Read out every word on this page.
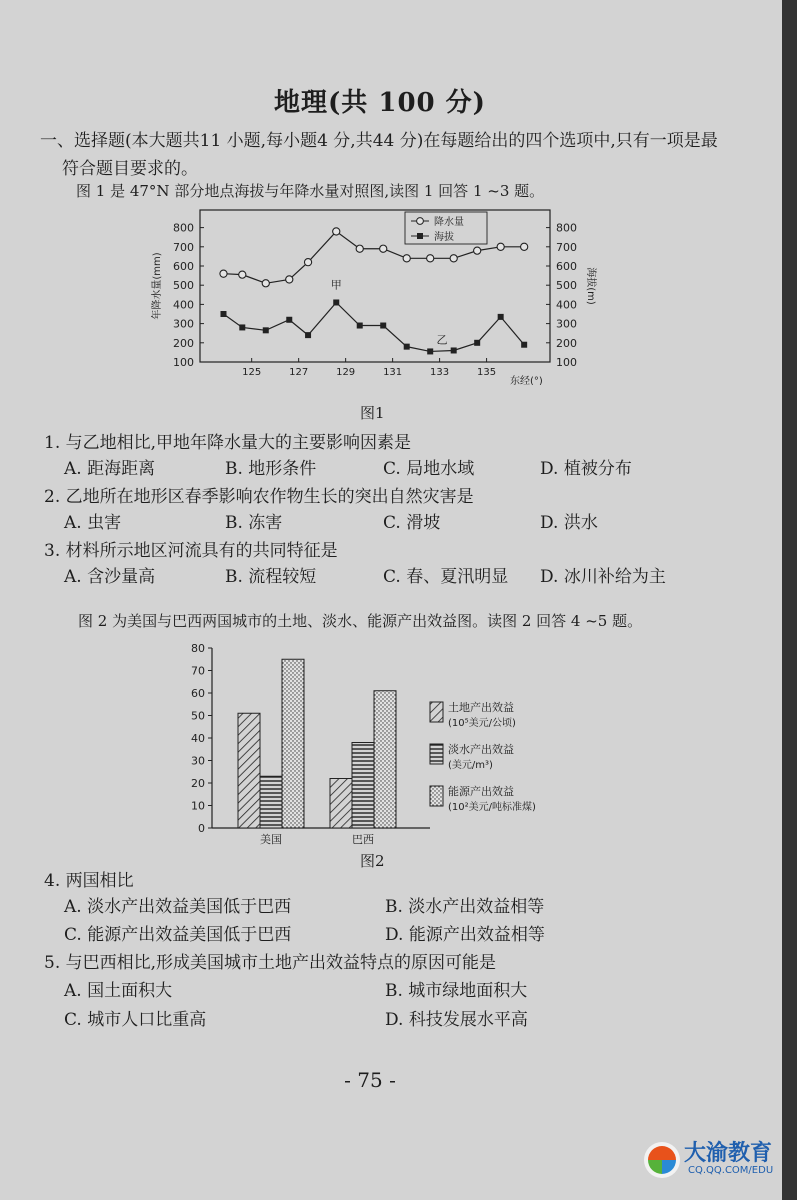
地理(共 100 分)
一、选择题(本大题共11 小题,每小题4 分,共44 分)在每题给出的四个选项中,只有一项是最
符合题目要求的。
图 1 是 47°N 部分地点海拔与年降水量对照图,读图 1 回答 1 ~3 题。
100	100
200	200
300	300
400	400
500	500
600	600
700	700
800	800
125	127	129	131	133	135
东经(°)
年降水量(mm)	海拔(m)
甲
乙
降水量
海拔
图1
1. 与乙地相比,甲地年降水量大的主要影响因素是
A. 距海距离	B. 地形条件	C. 局地水域	D. 植被分布
2. 乙地所在地形区春季影响农作物生长的突出自然灾害是
A. 虫害	B. 冻害	C. 滑坡	D. 洪水
3. 材料所示地区河流具有的共同特征是
A. 含沙量高	B. 流程较短	C. 春、夏汛明显 D. 冰川补给为主
图 2 为美国与巴西两国城市的土地、淡水、能源产出效益图。读图 2 回答 4 ~5 题。
0
10
20
30
40
50
60
70
80
美国	巴西
土地产出效益
(10⁵美元/公顷)
淡水产出效益
(美元/m³)
能源产出效益
(10²美元/吨标准煤)
图2
4. 两国相比
A. 淡水产出效益美国低于巴西	B. 淡水产出效益相等
C. 能源产出效益美国低于巴西	D. 能源产出效益相等
5. 与巴西相比,形成美国城市土地产出效益特点的原因可能是
A. 国土面积大	B. 城市绿地面积大
C. 城市人口比重高	D. 科技发展水平高
- 75 -
大渝教育
CQ.QQ.COM/EDU
